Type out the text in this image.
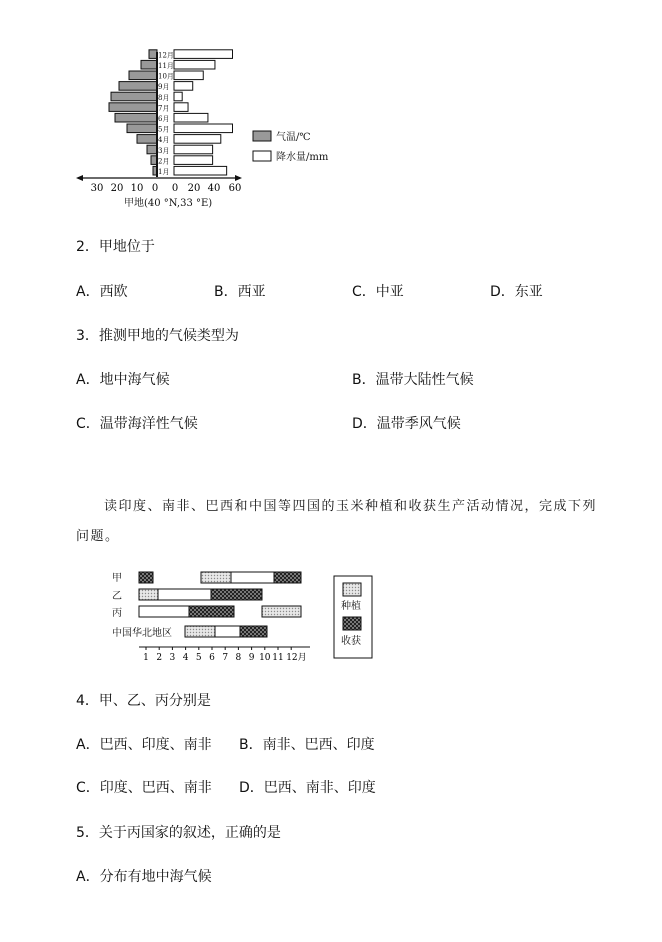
1月
2月
3月
4月
5月
6月
7月
8月
9月
10月
11月
12月
30 20 10 0 0 20 40 60
气温/℃
降水量/mm
甲地(40 °N,33 °E)
2．甲地位于
A．西欧	B．西亚	C．中亚	D．东亚
3．推测甲地的气候类型为
A．地中海气候	B．温带大陆性气候
C．温带海洋性气候	D．温带季风气候
读印度、南非、巴西和中国等四国的玉米种植和收获生产活动情况，完成下列
问题。
甲
乙
丙
中国华北地区
1 2 3 4 5 6 7 8 9 10 11 12月
种植
收获
4．甲、乙、丙分别是
A．巴西、印度、南非 B．南非、巴西、印度
C．印度、巴西、南非 D．巴西、南非、印度
5．关于丙国家的叙述，正确的是
A．分布有地中海气候
